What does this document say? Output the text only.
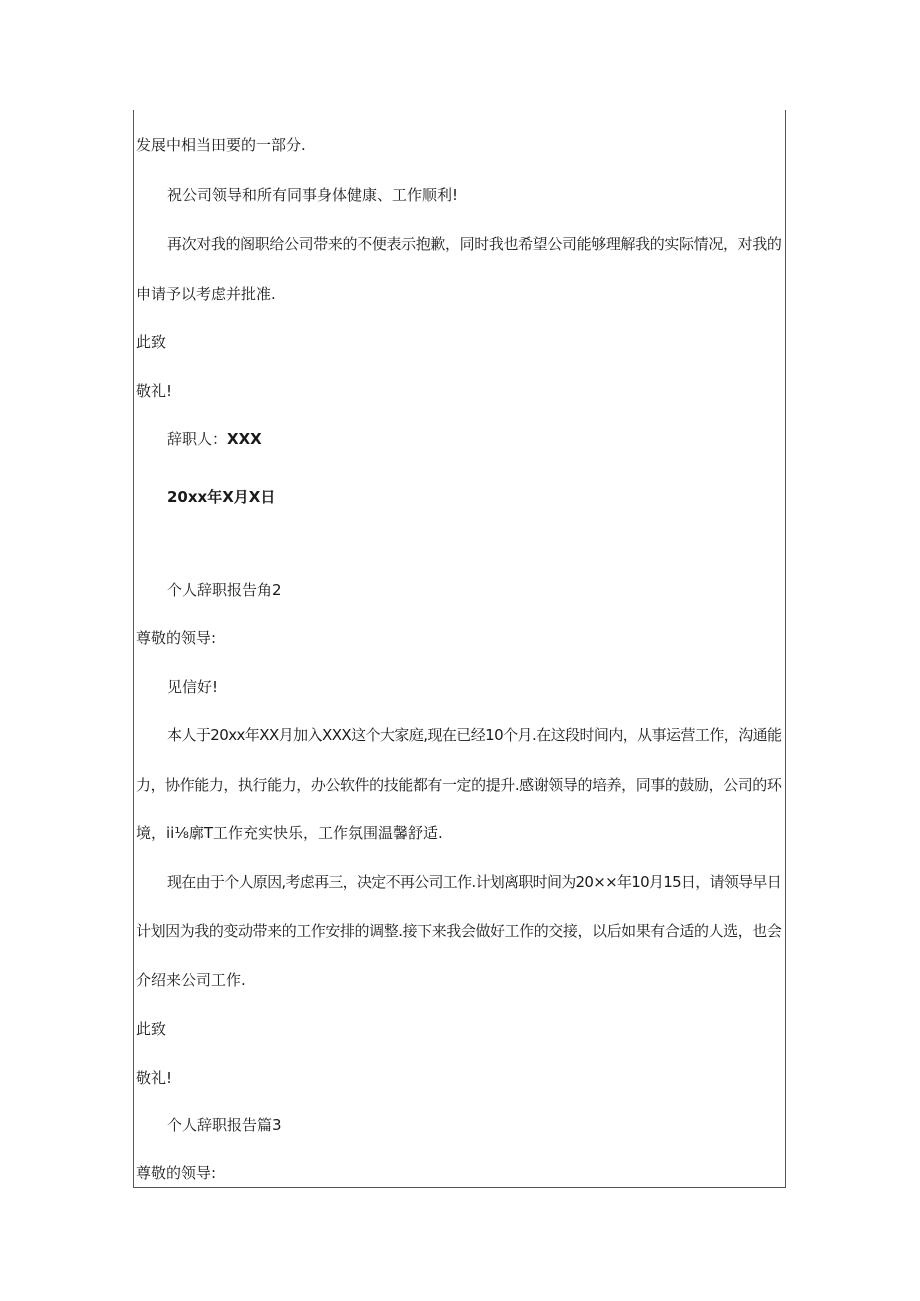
发展中相当田要的一部分.
祝公司领导和所有同事身体健康、工作顺利!
再次对我的阁职给公司带来的不便表示抱歉，同时我也希望公司能够理解我的实际情况，对我的
申请予以考虑并批准.
此致
敬礼!
辞职人：XXX
20xx年X月X日
个人辞职报告角2
尊敬的领导:
见信好!
本人于20xx年XX月加入XXX这个大家庭,现在已经10个月.在这段时间内，从事运营工作，沟通能
力，协作能力，执行能力，办公软件的技能都有一定的提升.感谢领导的培养，同事的鼓励，公司的环
境，ii⅛廓T工作充实快乐，工作氛围温馨舒适.
现在由于个人原因,考虑再三，决定不再公司工作.计划离职时间为20××年10月15日，请领导早日
计划因为我的变动带来的工作安排的调整.接下来我会做好工作的交接，以后如果有合适的人选，也会
介绍来公司工作.
此致
敬礼!
个人辞职报告篇3
尊敬的领导:
